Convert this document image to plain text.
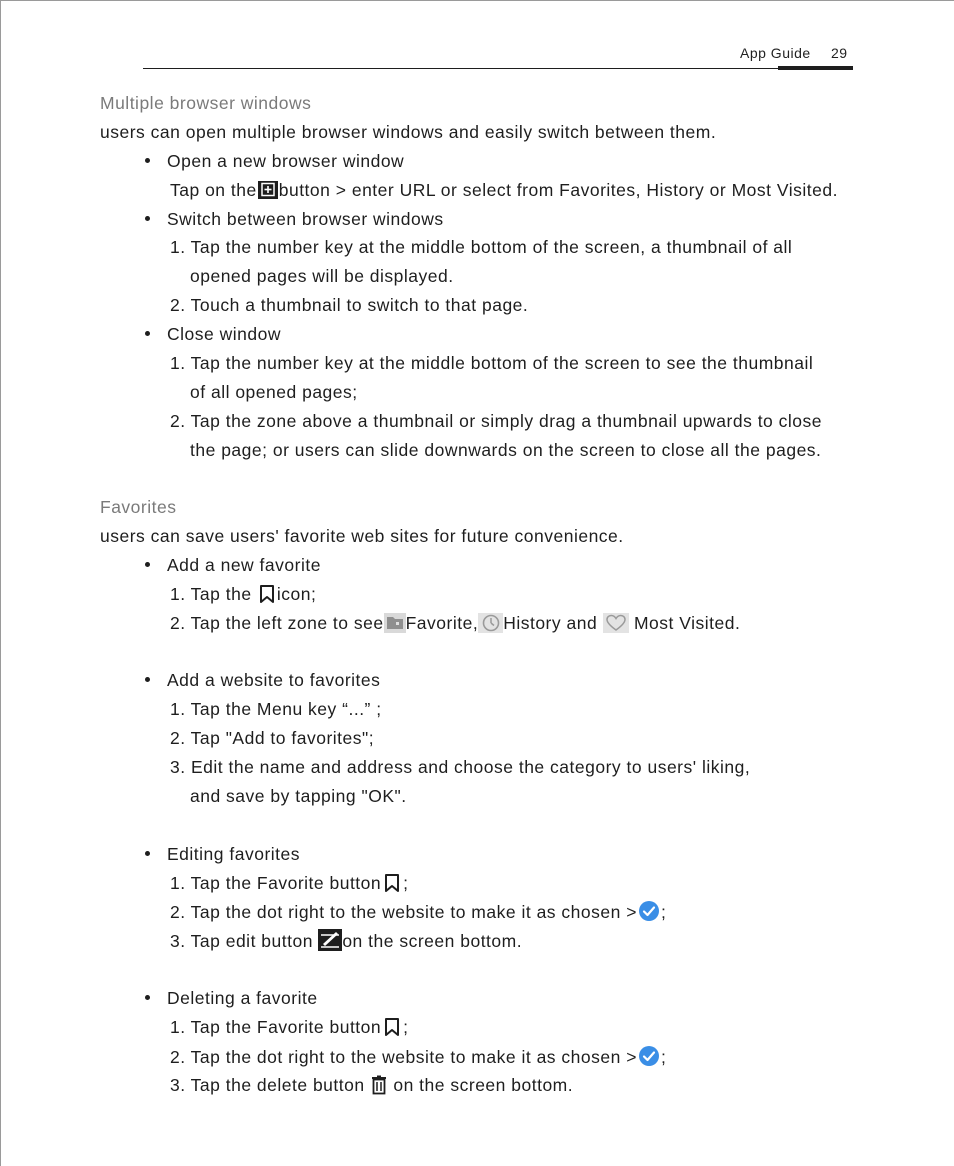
App Guide 29
Multiple browser windows
users can open multiple browser windows and easily switch between them.
Open a new browser window
Tap on the button > enter URL or select from Favorites, History or Most Visited.
Switch between browser windows
1. Tap the number key at the middle bottom of the screen, a thumbnail of all
opened pages will be displayed.
2. Touch a thumbnail to switch to that page.
Close window
1. Tap the number key at the middle bottom of the screen to see the thumbnail
of all opened pages;
2. Tap the zone above a thumbnail or simply drag a thumbnail upwards to close
the page; or users can slide downwards on the screen to close all the pages.
Favorites
users can save users' favorite web sites for future convenience.
Add a new favorite
1. Tap the icon;
2. Tap the left zone to see Favorite, History and Most Visited.
Add a website to favorites
1. Tap the Menu key “...” ;
2. Tap "Add to favorites";
3. Edit the name and address and choose the category to users' liking,
and save by tapping "OK".
Editing favorites
1. Tap the Favorite button ;
2. Tap the dot right to the website to make it as chosen > ;
3. Tap edit button on the screen bottom.
Deleting a favorite
1. Tap the Favorite button ;
2. Tap the dot right to the website to make it as chosen > ;
3. Tap the delete button on the screen bottom.
